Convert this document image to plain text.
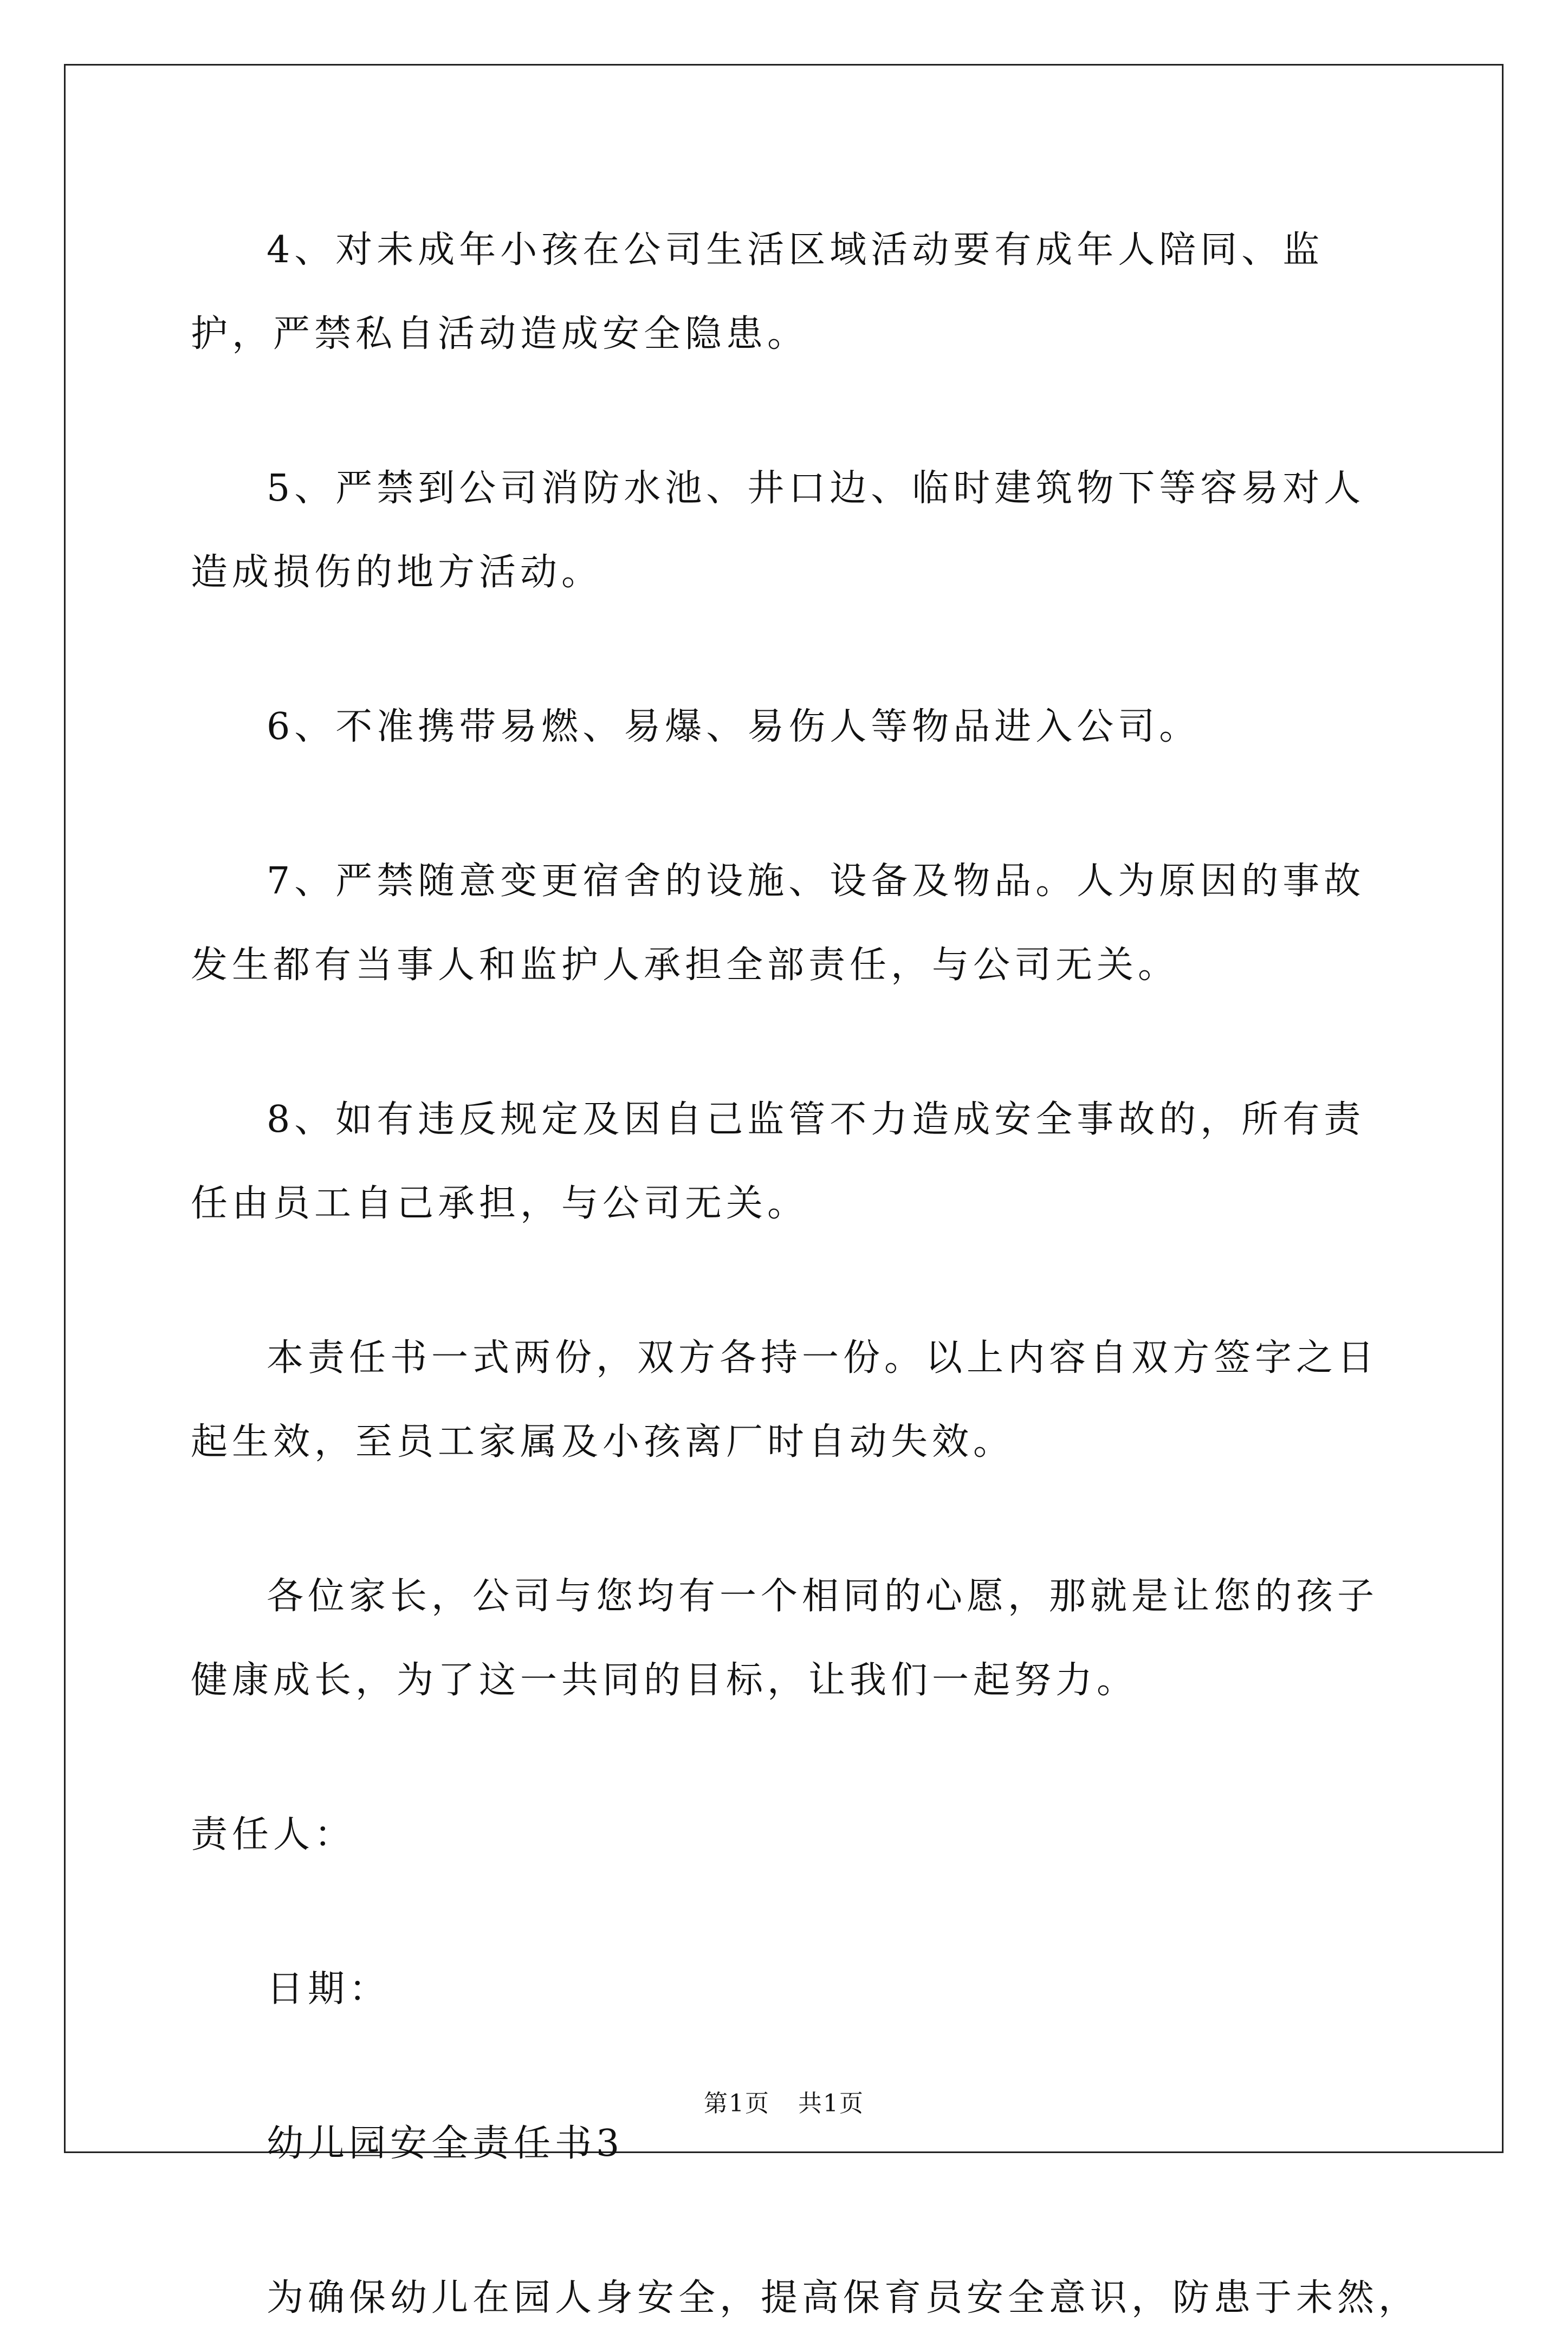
4、对未成年小孩在公司生活区域活动要有成年人陪同、监护，严禁私自活动造成安全隐患。

5、严禁到公司消防水池、井口边、临时建筑物下等容易对人造成损伤的地方活动。

6、不准携带易燃、易爆、易伤人等物品进入公司。

7、严禁随意变更宿舍的设施、设备及物品。人为原因的事故发生都有当事人和监护人承担全部责任，与公司无关。

8、如有违反规定及因自己监管不力造成安全事故的，所有责任由员工自己承担，与公司无关。

本责任书一式两份，双方各持一份。以上内容自双方签字之日起生效，至员工家属及小孩离厂时自动失效。

各位家长，公司与您均有一个相同的心愿，那就是让您的孩子健康成长，为了这一共同的目标，让我们一起努力。

责任人：

日期：

幼儿园安全责任书3

为确保幼儿在园人身安全，提高保育员安全意识，防患于未然，

第1页 共1页
